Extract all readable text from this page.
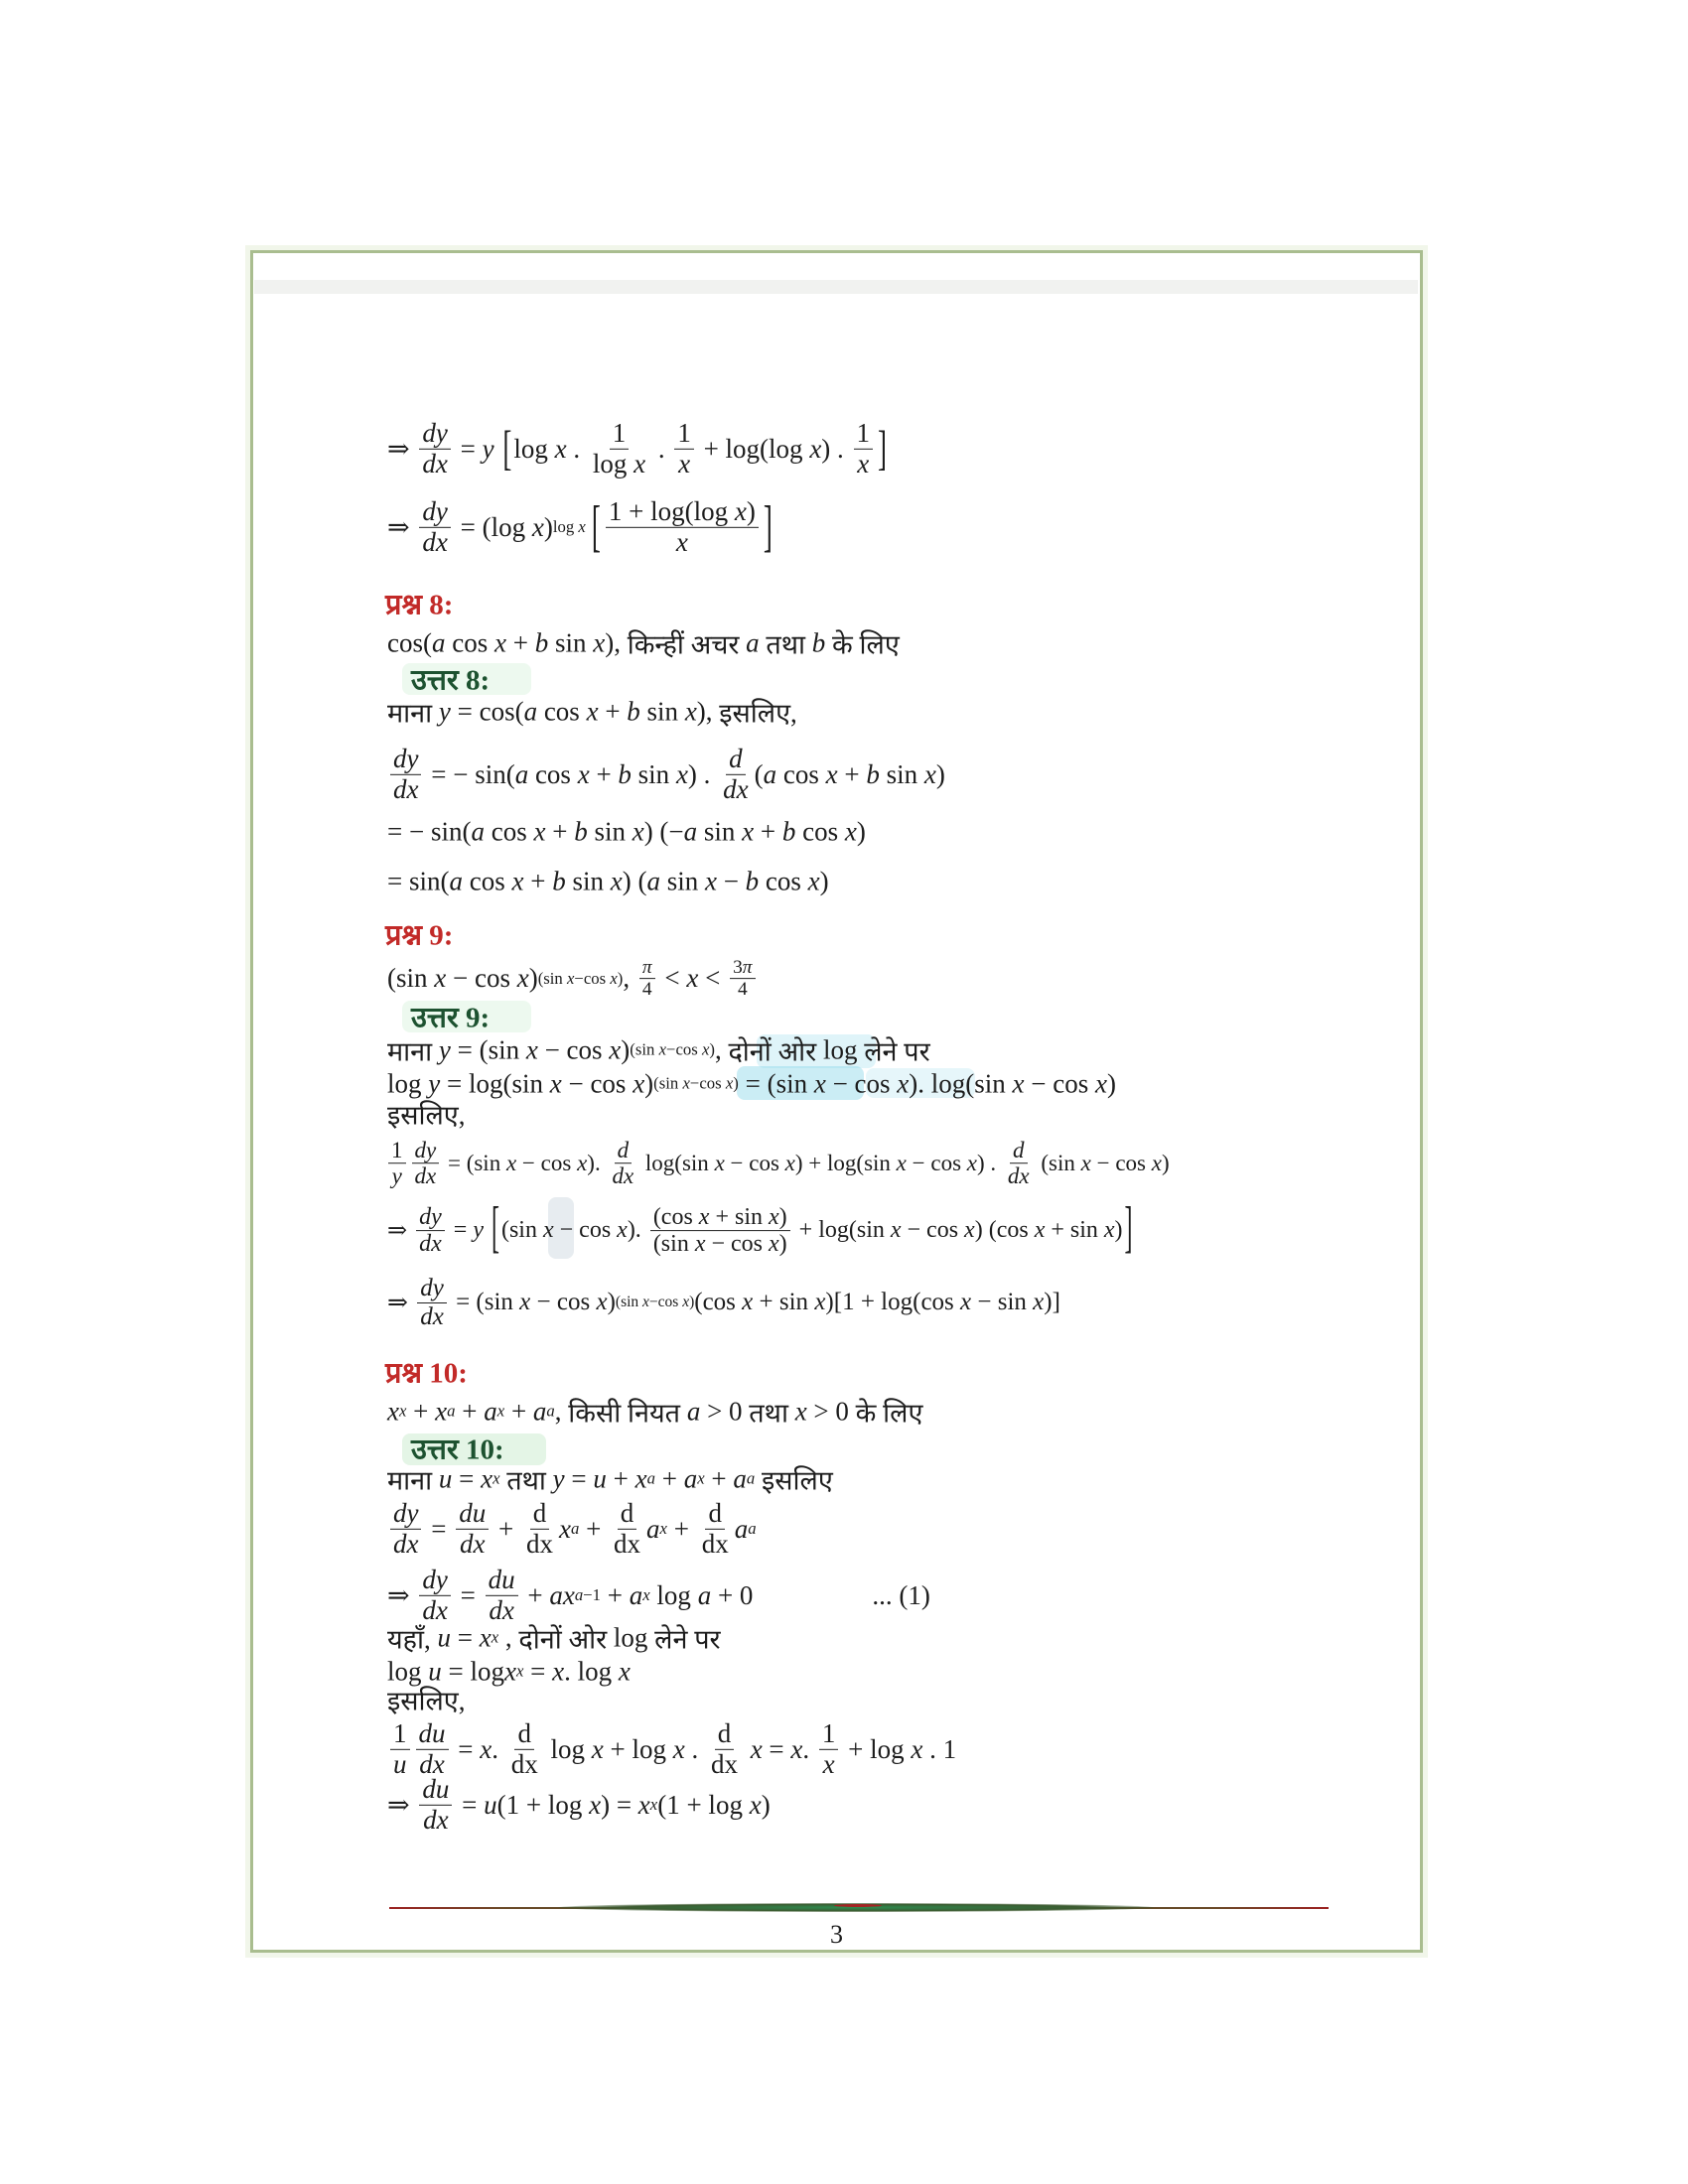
⇒ $\frac{dy}{dx} = y$
[ log x . $\frac{1}{\text{log x}}$ . $\frac{1}{x} + \log(\log$ x ) . $\frac{1}{x}$ ]
⇒ $\frac{dy}{dx} = (\log$ x ) log x [ $\frac{\text{1 + log(log x)}}{x}$ ]
प्रश्न 8:
cos( a cos x + b sin x ), किन्हीं अचर a
तथा b
के लिए
उत्तर 8:
माना y = cos( a cos x + b sin x ), इसलिए,
$\frac{dy}{dx}$ = − sin( a cos x + b sin x ) . $\frac{d}{dx}$ ( a cos x + b sin x )
= − sin( a cos x + b sin x ) (− a sin x + b cos x )
= sin( a cos x + b sin x ) ( a sin x − b cos x )
प्रश्न 9:
(sin x − cos x ) (sin x−cos x) , $\frac{\pi}{4} < x < \frac{3\pi}{4}$
उत्तर 9:
माना y = (sin x − cos x ) (sin x−cos x) , दोनों ओर log लेने पर
log y = log(sin x − cos x ) (sin x−cos x) = (sin x − cos x ). log(sin x − cos x )
इसलिए,
$\frac{1}{y} \frac{dy}{dx} = (\sin$ x − cos x ). $\frac{d}{dx} \log(\sin$ x − cos x ) + log(sin x − cos x ) . $\frac{d}{dx} (\sin$ x − cos x )
⇒ $\frac{dy}{dx} = y$
[ (sin x − cos x ). $\frac{\text{(cos x + sin x)}}{\text{(sin x − cos x)}} + \log(\sin$ x − cos x ) (cos x + sin x ) ]
⇒ $\frac{dy}{dx} = (\sin$ x − cos x ) (sin x−cos x) (cos x + sin x )[1 + log(cos x − sin x )]
प्रश्न 10:
x x + x a + a x + a a , किसी नियत a > 0 तथा x > 0 के लिए
उत्तर 10:
माना u = x x
तथा y = u + x a + a x + a a
इसलिए
$\frac{dy}{dx} = \frac{du}{dx} + \frac{d}{dx}$ x $a + \frac{d}{dx}$ a $x + \frac{d}{dx}$ a a
⇒ $\frac{dy}{dx} = \frac{du}{dx}$ + ax a−1 + a x log a + 0	... (1)
यहाँ, u = x x , दोनों ओर log लेने पर
log u = log x x = x . log x
इसलिए,
$\frac{1}{u} \frac{du}{dx} = x$ . $\frac{d}{dx}$ log x + log x . $\frac{d}{dx}$
x = x . $\frac{1}{x} + \log x$ . 1
⇒ $\frac{du}{dx} = u$ (1 + log x ) = x x (1 + log x )
3
